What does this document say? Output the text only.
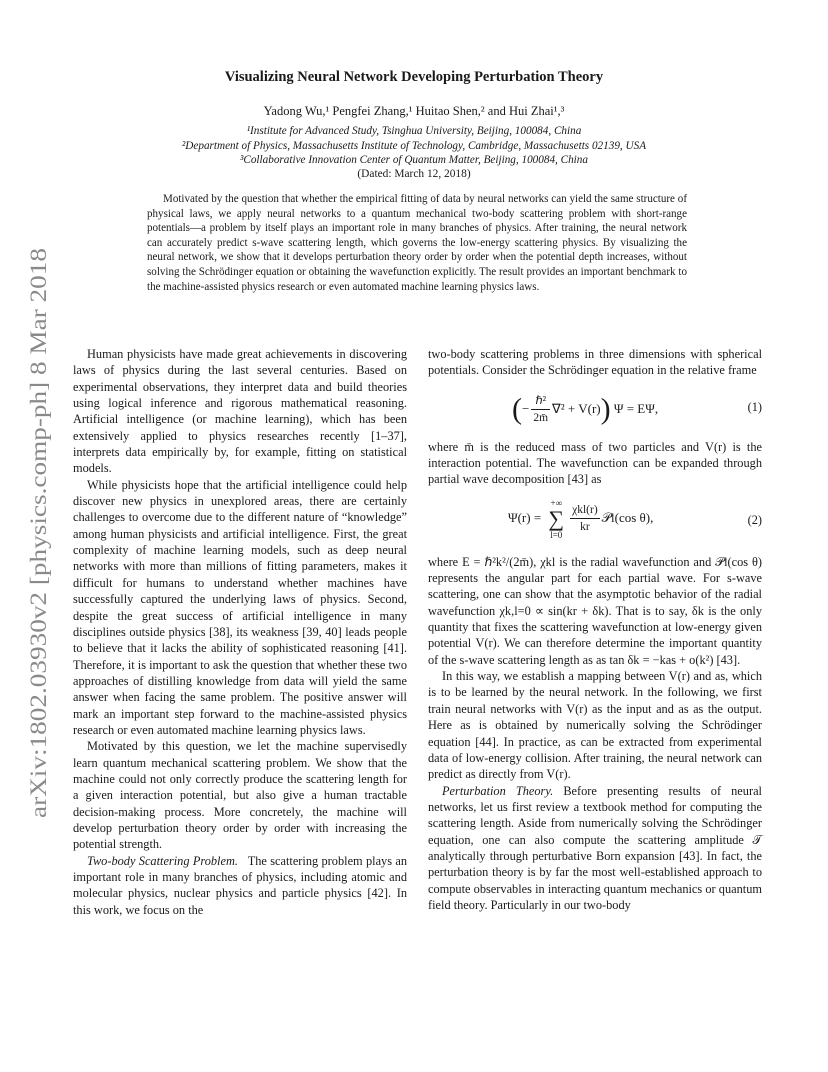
arXiv:1802.03930v2 [physics.comp-ph] 8 Mar 2018
Visualizing Neural Network Developing Perturbation Theory
Yadong Wu,¹ Pengfei Zhang,¹ Huitao Shen,² and Hui Zhai¹,³
¹Institute for Advanced Study, Tsinghua University, Beijing, 100084, China
²Department of Physics, Massachusetts Institute of Technology, Cambridge, Massachusetts 02139, USA
³Collaborative Innovation Center of Quantum Matter, Beijing, 100084, China
(Dated: March 12, 2018)
Motivated by the question that whether the empirical fitting of data by neural networks can yield the same structure of physical laws, we apply neural networks to a quantum mechanical two-body scattering problem with short-range potentials—a problem by itself plays an important role in many branches of physics. After training, the neural network can accurately predict s-wave scattering length, which governs the low-energy scattering physics. By visualizing the neural network, we show that it develops perturbation theory order by order when the potential depth increases, without solving the Schrödinger equation or obtaining the wavefunction explicitly. The result provides an important benchmark to the machine-assisted physics research or even automated machine learning physics laws.

Human physicists have made great achievements in discovering laws of physics during the last several centuries. Based on experimental observations, they interpret data and build theories using logical inference and rigorous mathematical reasoning. Artificial intelligence (or machine learning), which has been extensively applied to physics researches recently [1–37], interprets data empirically by, for example, fitting on statistical models.

While physicists hope that the artificial intelligence could help discover new physics in unexplored areas, there are certainly challenges to overcome due to the different nature of “knowledge” among human physicists and artificial intelligence. First, the great complexity of machine learning models, such as deep neural networks with more than millions of fitting parameters, makes it difficult for humans to understand whether machines have successfully captured the underlying laws of physics. Second, despite the great success of artificial intelligence in many disciplines outside physics [38], its weakness [39, 40] leads people to believe that it lacks the ability of sophisticated reasoning [41]. Therefore, it is important to ask the question that whether these two approaches of distilling knowledge from data will yield the same answer when facing the same problem. The positive answer will mark an important step forward to the machine-assisted physics research or even automated machine learning physics laws.

Motivated by this question, we let the machine supervisedly learn quantum mechanical scattering problem. We show that the machine could not only correctly produce the scattering length for a given interaction potential, but also give a human tractable decision-making process. More concretely, the machine will develop perturbation theory order by order with increasing the potential strength.

Two-body Scattering Problem. The scattering problem plays an important role in many branches of physics, including atomic and molecular physics, nuclear physics and particle physics [42]. In this work, we focus on the

two-body scattering problems in three dimensions with spherical potentials. Consider the Schrödinger equation in the relative frame

(− $\frac{\text{ℏ²}}{2m̄} \nabla^2 + V(r)$) Ψ = EΨ,	(1)

where m̄ is the reduced mass of two particles and V(r) is the interaction potential. The wavefunction can be expanded through partial wave decomposition [43] as

Ψ(r) =
+∞
∑
$l=0 \frac{\text{χkl(r)}}{kr}$ 𝒫l(cos θ),	(2)

where E = ℏ²k²/(2m̄), χkl is the radial wavefunction and 𝒫l(cos θ) represents the angular part for each partial wave. For s-wave scattering, one can show that the asymptotic behavior of the radial wavefunction χk,l=0 ∝ sin(kr + δk). That is to say, δk is the only quantity that fixes the scattering wavefunction at low-energy given potential V(r). We can therefore determine the important quantity of the s-wave scattering length as as tan δk = −kas + o(k²) [43].

In this way, we establish a mapping between V(r) and as, which is to be learned by the neural network. In the following, we first train neural networks with V(r) as the input and as as the output. Here as is obtained by numerically solving the Schrödinger equation [44]. In practice, as can be extracted from experimental data of low-energy collision. After training, the neural network can predict as directly from V(r).

Perturbation Theory. Before presenting results of neural networks, let us first review a textbook method for computing the scattering length. Aside from numerically solving the Schrödinger equation, one can also compute the scattering amplitude 𝒯 analytically through perturbative Born expansion [43]. In fact, the perturbation theory is by far the most well-established approach to compute observables in interacting quantum mechanics or quantum field theory. Particularly in our two-body
